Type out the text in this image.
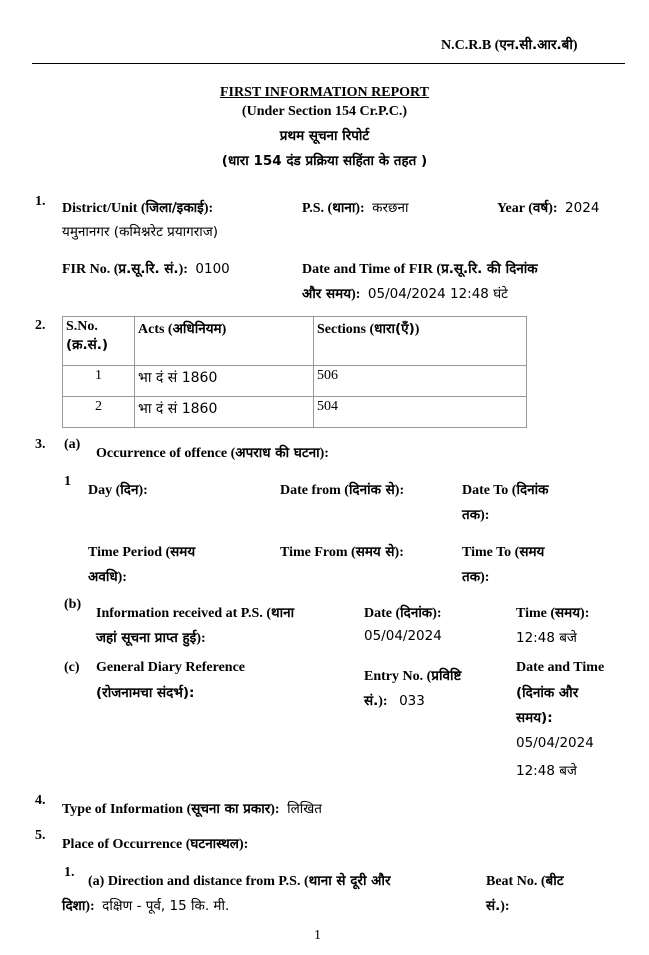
N.C.R.B (एन.सी.आर.बी)
FIRST INFORMATION REPORT
(Under Section 154 Cr.P.C.)
प्रथम सूचना रिपोर्ट
(धारा 154 दंड प्रक्रिया सहिंता के तहत )
1. District/Unit (जिला/इकाई):
यमुनानगर (कमिश्नरेट प्रयागराज)
P.S. (थाना): करछना	Year (वर्ष): 2024
FIR No. (प्र.सू.रि. सं.): 0100	Date and Time of FIR (प्र.सू.रि. की दिनांक
और समय): 05/04/2024 12:48 घंटे
2. S.No.
(क्र.सं.)	Acts (अधिनियम)	Sections (धारा(एँ))
1	भा दं सं 1860	506
2	भा दं सं 1860	504
3. (a)
Occurrence of offence (अपराध की घटना):
1
Day (दिन):	Date from (दिनांक से):	Date To (दिनांक
तक):
Time Period (समय
अवधि):
Time From (समय से):	Time To (समय
तक):
(b)
Information received at P.S. (थाना
जहां सूचना प्राप्त हुई):
Date (दिनांक):
05/04/2024
Time (समय):
12:48 बजे
(c) General Diary Reference
(रोजनामचा संदर्भ):
Entry No. (प्रविष्टि
सं.): 033
Date and Time
(दिनांक और
समय):
05/04/2024
12:48 बजे
4.
Type of Information (सूचना का प्रकार): लिखित
5.
Place of Occurrence (घटनास्थल):
1.
(a) Direction and distance from P.S. (थाना से दूरी और
दिशा): दक्षिण - पूर्व, 15 कि. मी.
Beat No. (बीट
सं.):
1
